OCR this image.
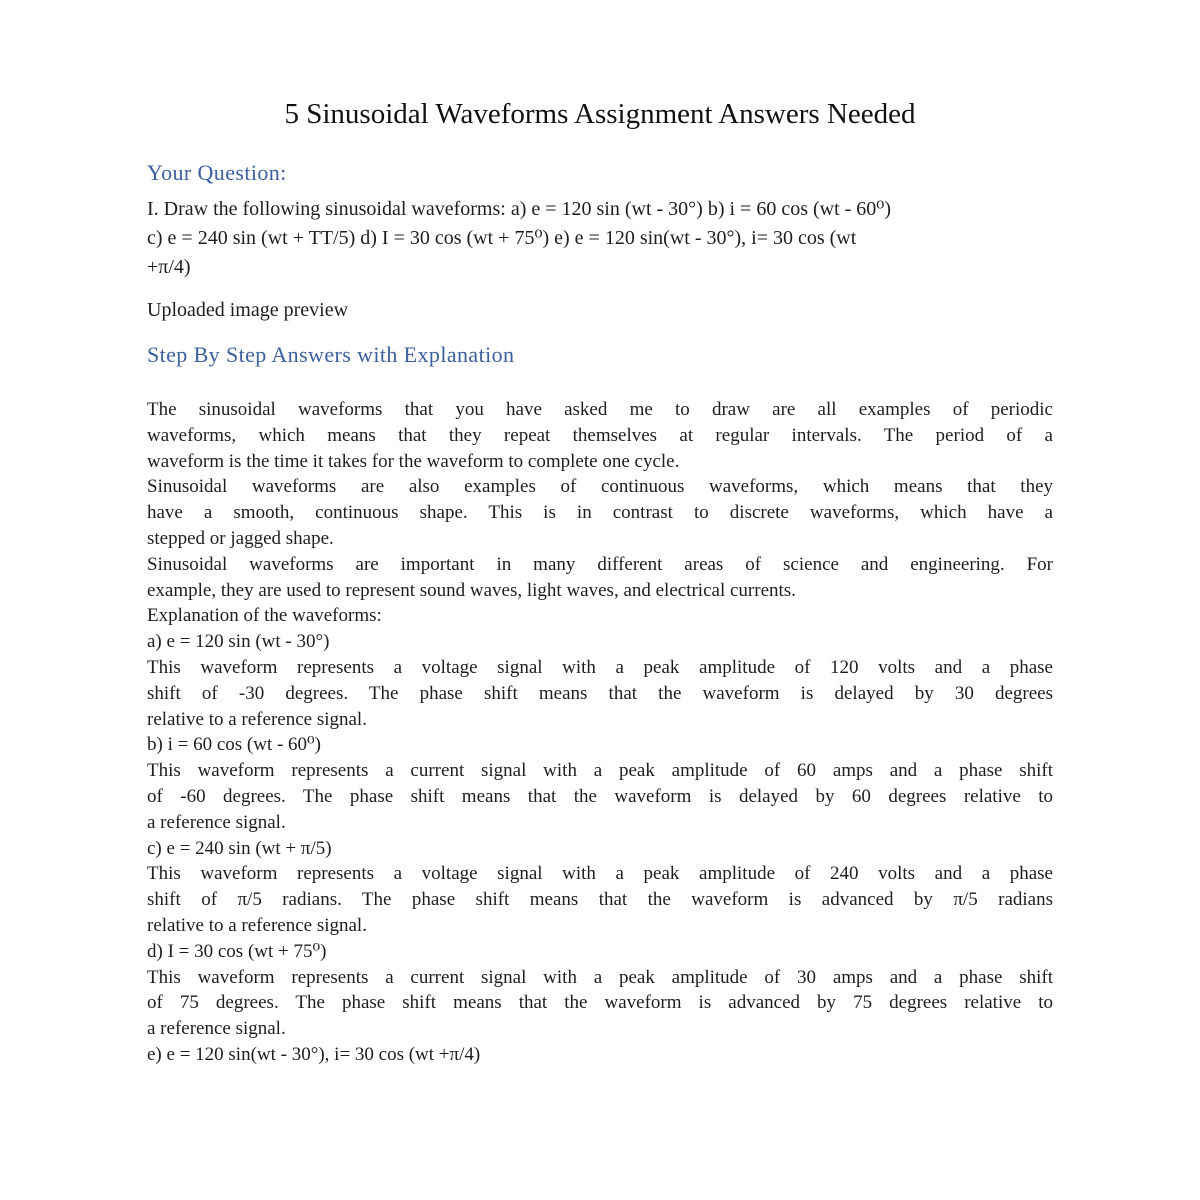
5 Sinusoidal Waveforms Assignment Answers Needed
Your Question:
I. Draw the following sinusoidal waveforms: a) e = 120 sin (wt - 30°) b) i = 60 cos (wt - 60⁰)
c) e = 240 sin (wt + TT/5) d) I = 30 cos (wt + 75⁰) e) e = 120 sin(wt - 30°), i= 30 cos (wt
+π/4)
Uploaded image preview
Step By Step Answers with Explanation
The sinusoidal waveforms that you have asked me to draw are all examples of periodic
waveforms, which means that they repeat themselves at regular intervals. The period of a
waveform is the time it takes for the waveform to complete one cycle.
Sinusoidal waveforms are also examples of continuous waveforms, which means that they
have a smooth, continuous shape. This is in contrast to discrete waveforms, which have a
stepped or jagged shape.
Sinusoidal waveforms are important in many different areas of science and engineering. For
example, they are used to represent sound waves, light waves, and electrical currents.
Explanation of the waveforms:
a) e = 120 sin (wt - 30°)
This waveform represents a voltage signal with a peak amplitude of 120 volts and a phase
shift of -30 degrees. The phase shift means that the waveform is delayed by 30 degrees
relative to a reference signal.
b) i = 60 cos (wt - 60⁰)
This waveform represents a current signal with a peak amplitude of 60 amps and a phase shift
of -60 degrees. The phase shift means that the waveform is delayed by 60 degrees relative to
a reference signal.
c) e = 240 sin (wt + π/5)
This waveform represents a voltage signal with a peak amplitude of 240 volts and a phase
shift of π/5 radians. The phase shift means that the waveform is advanced by π/5 radians
relative to a reference signal.
d) I = 30 cos (wt + 75⁰)
This waveform represents a current signal with a peak amplitude of 30 amps and a phase shift
of 75 degrees. The phase shift means that the waveform is advanced by 75 degrees relative to
a reference signal.
e) e = 120 sin(wt - 30°), i= 30 cos (wt +π/4)
